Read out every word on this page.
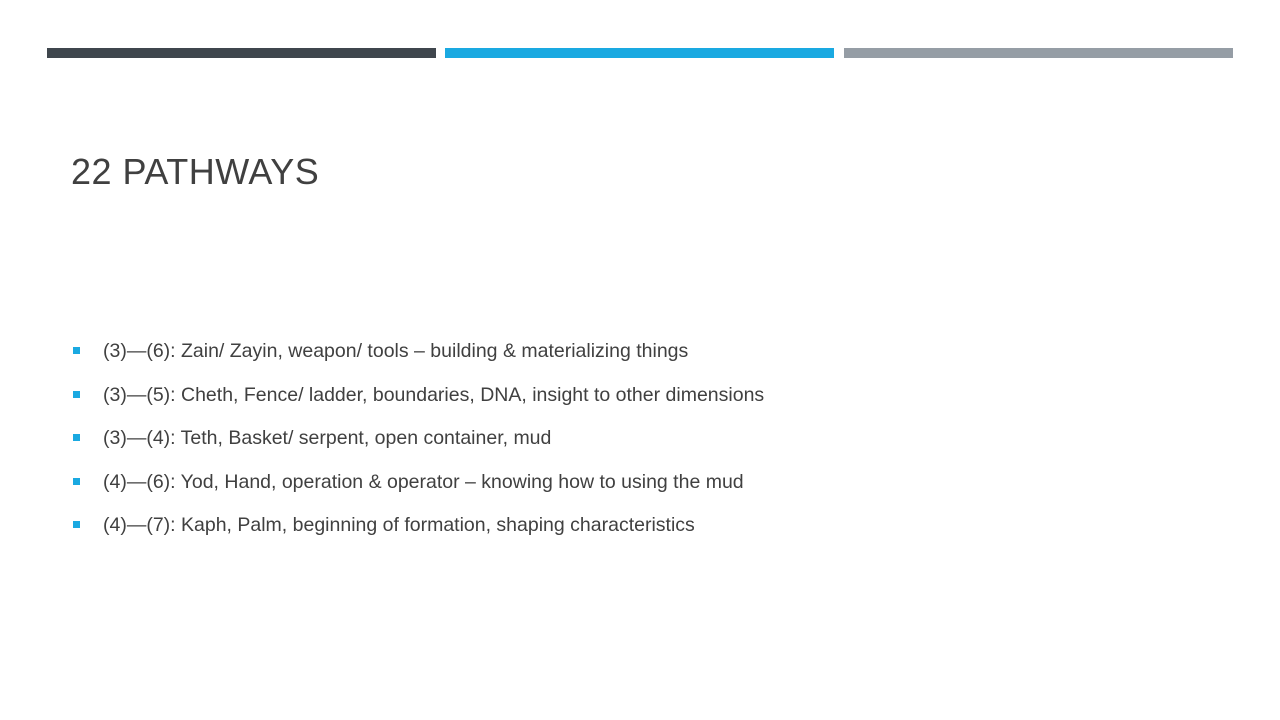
22 PATHWAYS
(3)—(6): Zain/ Zayin, weapon/ tools – building & materializing things
(3)—(5): Cheth, Fence/ ladder, boundaries, DNA, insight to other dimensions
(3)—(4): Teth, Basket/ serpent, open container, mud
(4)—(6): Yod, Hand, operation & operator – knowing how to using the mud
(4)—(7): Kaph, Palm, beginning of formation, shaping characteristics
